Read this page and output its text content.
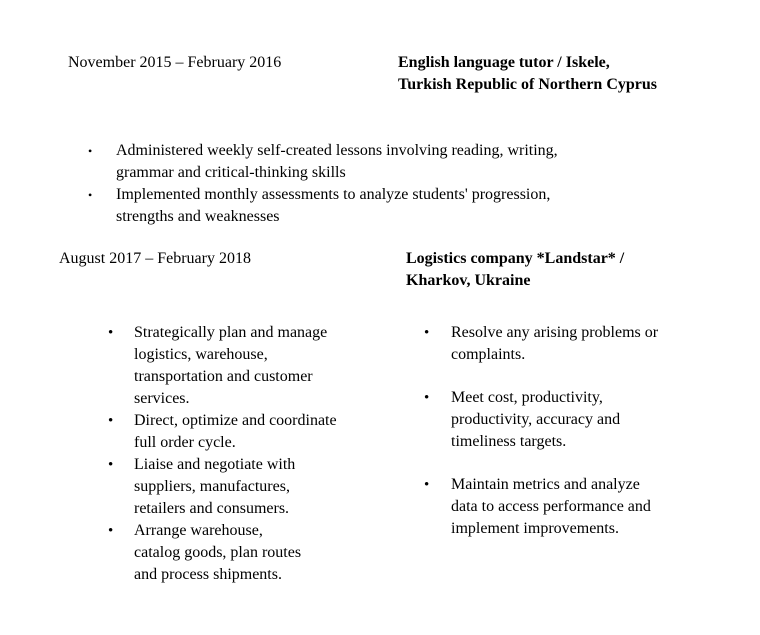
November 2015 – February 2016	English language tutor / Iskele,
Turkish Republic of Northern Cyprus
• Administered weekly self-created lessons involving reading, writing,
grammar and critical-thinking skills
• Implemented monthly assessments to analyze students' progression,
strengths and weaknesses
August 2017 – February 2018	Logistics company *Landstar* /
Kharkov, Ukraine
• Strategically plan and manage
logistics, warehouse,
transportation and customer
services.
• Direct, optimize and coordinate
full order cycle.
• Liaise and negotiate with
suppliers, manufactures,
retailers and consumers.
• Arrange warehouse,
catalog goods, plan routes
and process shipments.
• Resolve any arising problems or
complaints.
• Meet cost, productivity,
productivity, accuracy and
timeliness targets.
• Maintain metrics and analyze
data to access performance and
implement improvements.
